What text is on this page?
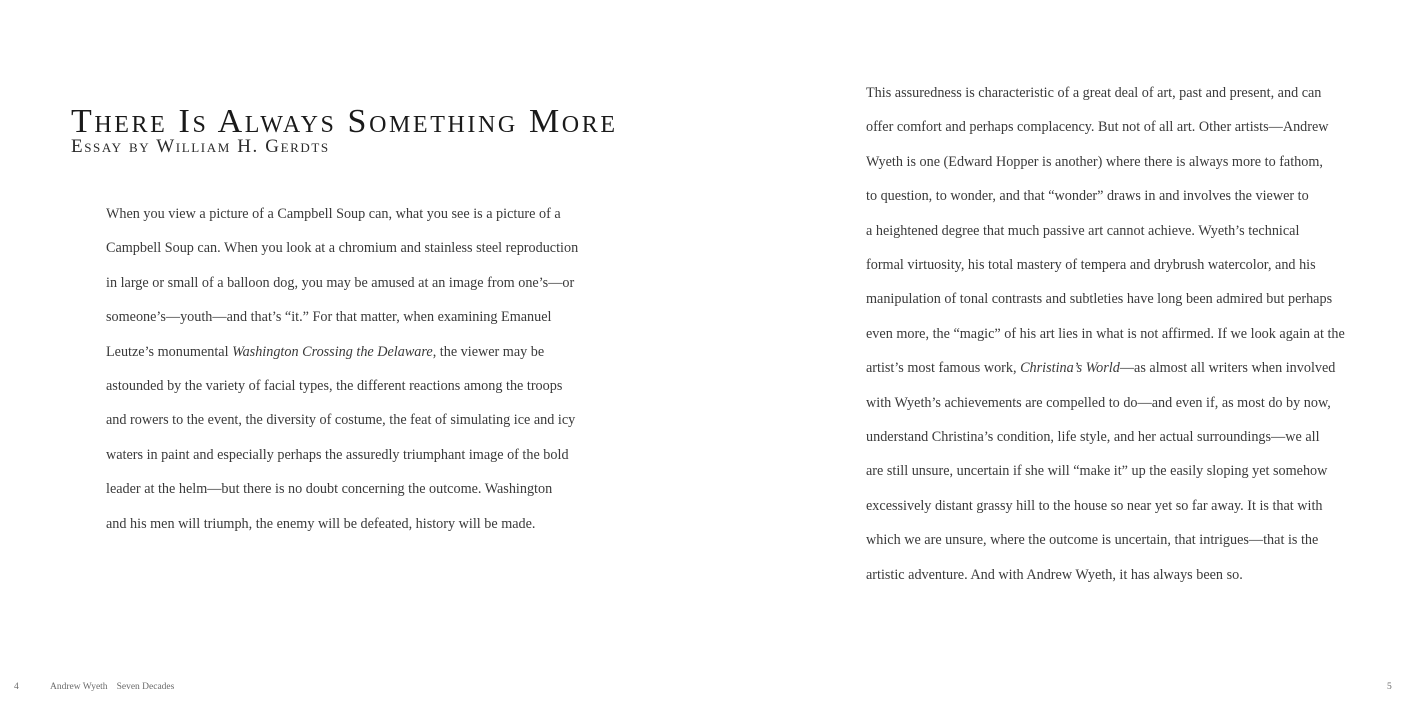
There Is Always Something More
Essay by William H. Gerdts
When you view a picture of a Campbell Soup can, what you see is a picture of a
Campbell Soup can. When you look at a chromium and stainless steel reproduction
in large or small of a balloon dog, you may be amused at an image from one’s—or
someone’s—youth—and that’s “it.” For that matter, when examining Emanuel
Leutze’s monumental Washington Crossing the Delaware, the viewer may be
astounded by the variety of facial types, the different reactions among the troops
and rowers to the event, the diversity of costume, the feat of simulating ice and icy
waters in paint and especially perhaps the assuredly triumphant image of the bold
leader at the helm—but there is no doubt concerning the outcome. Washington
and his men will triumph, the enemy will be defeated, history will be made.
4	Andrew Wyeth Seven Decades
This assuredness is characteristic of a great deal of art, past and present, and can
offer comfort and perhaps complacency. But not of all art. Other artists—Andrew
Wyeth is one (Edward Hopper is another) where there is always more to fathom,
to question, to wonder, and that “wonder” draws in and involves the viewer to
a heightened degree that much passive art cannot achieve. Wyeth’s technical
formal virtuosity, his total mastery of tempera and drybrush watercolor, and his
manipulation of tonal contrasts and subtleties have long been admired but perhaps
even more, the “magic” of his art lies in what is not affirmed. If we look again at the
artist’s most famous work, Christina’s World—as almost all writers when involved
with Wyeth’s achievements are compelled to do—and even if, as most do by now,
understand Christina’s condition, life style, and her actual surroundings—we all
are still unsure, uncertain if she will “make it” up the easily sloping yet somehow
excessively distant grassy hill to the house so near yet so far away. It is that with
which we are unsure, where the outcome is uncertain, that intrigues—that is the
artistic adventure. And with Andrew Wyeth, it has always been so.
5
